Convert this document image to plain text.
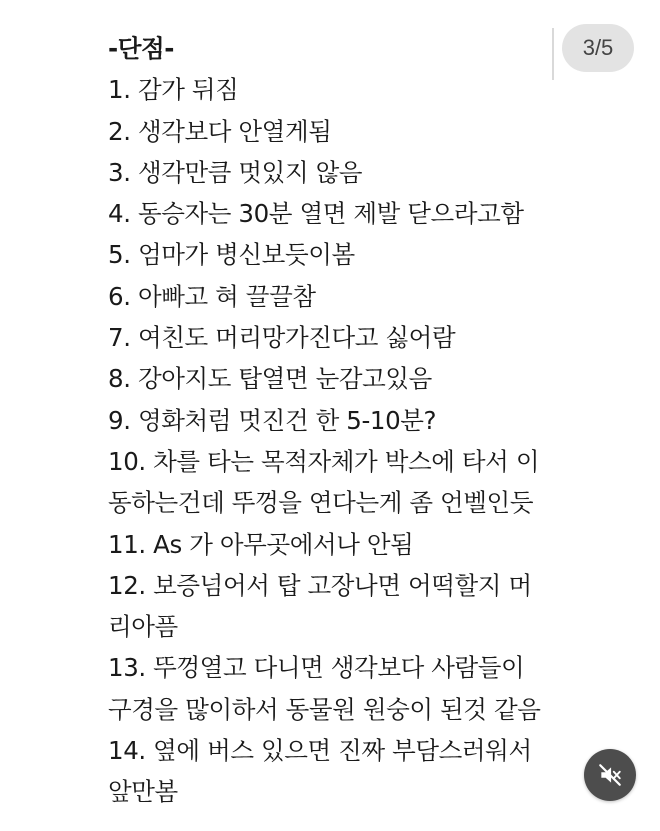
-단점-
1. 감가 뒤짐
2. 생각보다 안열게됨
3. 생각만큼 멋있지 않음
4. 동승자는 30분 열면 제발 닫으라고함
5. 엄마가 병신보듯이봄
6. 아빠고 혀 끌끌참
7. 여친도 머리망가진다고 싫어람
8. 강아지도 탑열면 눈감고있음
9. 영화처럼 멋진건 한 5-10분?
10. 차를 타는 목적자체가 박스에 타서 이
동하는건데 뚜껑을 연다는게 좀 언벨인듯
11. As 가 아무곳에서나 안됨
12. 보증넘어서 탑 고장나면 어떡할지 머
리아픔
13. 뚜껑열고 다니면 생각보다 사람들이
구경을 많이하서 동물원 원숭이 된것 같음
14. 옆에 버스 있으면 진짜 부담스러워서
앞만봄
3/5
